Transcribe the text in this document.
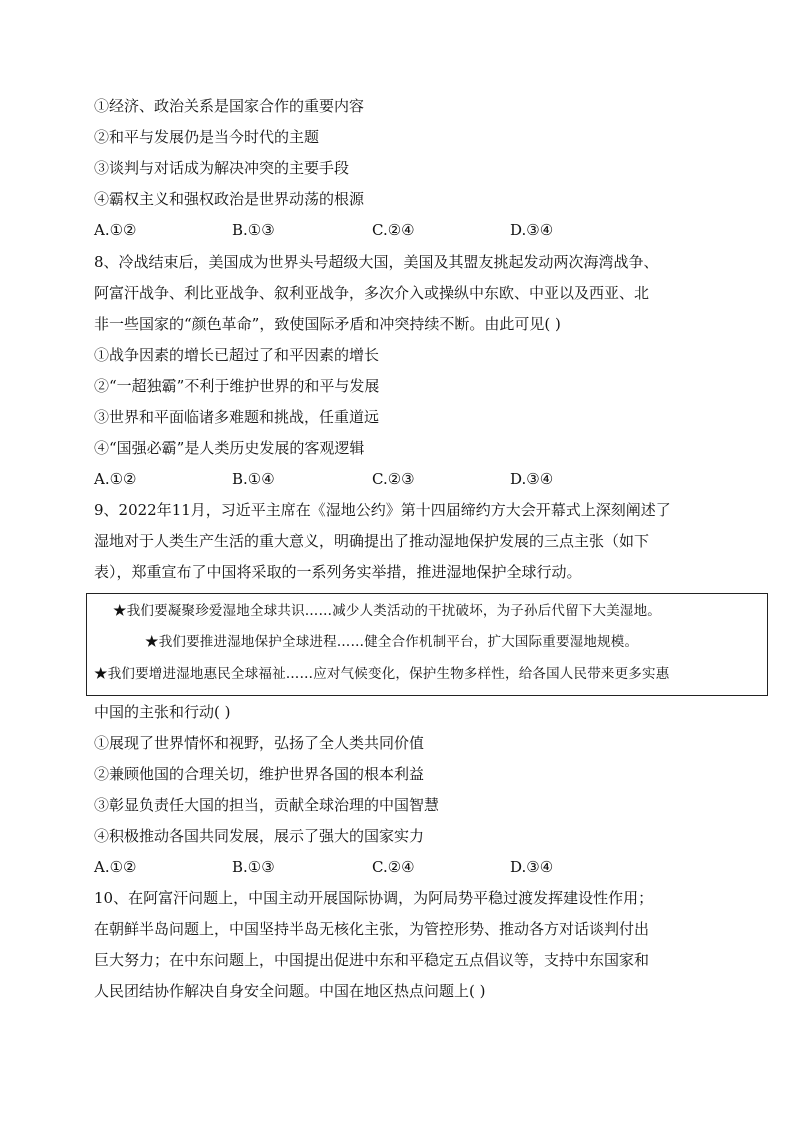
①经济、政治关系是国家合作的重要内容
②和平与发展仍是当今时代的主题
③谈判与对话成为解决冲突的主要手段
④霸权主义和强权政治是世界动荡的根源
A.①②	B.①③	C.②④	D.③④
8、冷战结束后，美国成为世界头号超级大国，美国及其盟友挑起发动两次海湾战争、
阿富汗战争、利比亚战争、叙利亚战争，多次介入或操纵中东欧、中亚以及西亚、北
非一些国家的“颜色革命”，致使国际矛盾和冲突持续不断。由此可见( )
①战争因素的增长已超过了和平因素的增长
②“一超独霸”不利于维护世界的和平与发展
③世界和平面临诸多难题和挑战，任重道远
④“国强必霸”是人类历史发展的客观逻辑
A.①②	B.①④	C.②③	D.③④
9、2022年11月，习近平主席在《湿地公约》第十四届缔约方大会开幕式上深刻阐述了
湿地对于人类生产生活的重大意义，明确提出了推动湿地保护发展的三点主张（如下
表），郑重宣布了中国将采取的一系列务实举措，推进湿地保护全球行动。
★我们要凝聚珍爱湿地全球共识……减少人类活动的干扰破坏，为子孙后代留下大美湿地。
★我们要推进湿地保护全球进程……健全合作机制平台，扩大国际重要湿地规模。
★我们要增进湿地惠民全球福祉……应对气候变化，保护生物多样性，给各国人民带来更多实惠
中国的主张和行动( )
①展现了世界情怀和视野，弘扬了全人类共同价值
②兼顾他国的合理关切，维护世界各国的根本利益
③彰显负责任大国的担当，贡献全球治理的中国智慧
④积极推动各国共同发展，展示了强大的国家实力
A.①②	B.①③	C.②④	D.③④
10、在阿富汗问题上，中国主动开展国际协调，为阿局势平稳过渡发挥建设性作用；
在朝鲜半岛问题上，中国坚持半岛无核化主张，为管控形势、推动各方对话谈判付出
巨大努力；在中东问题上，中国提出促进中东和平稳定五点倡议等，支持中东国家和
人民团结协作解决自身安全问题。中国在地区热点问题上( )
